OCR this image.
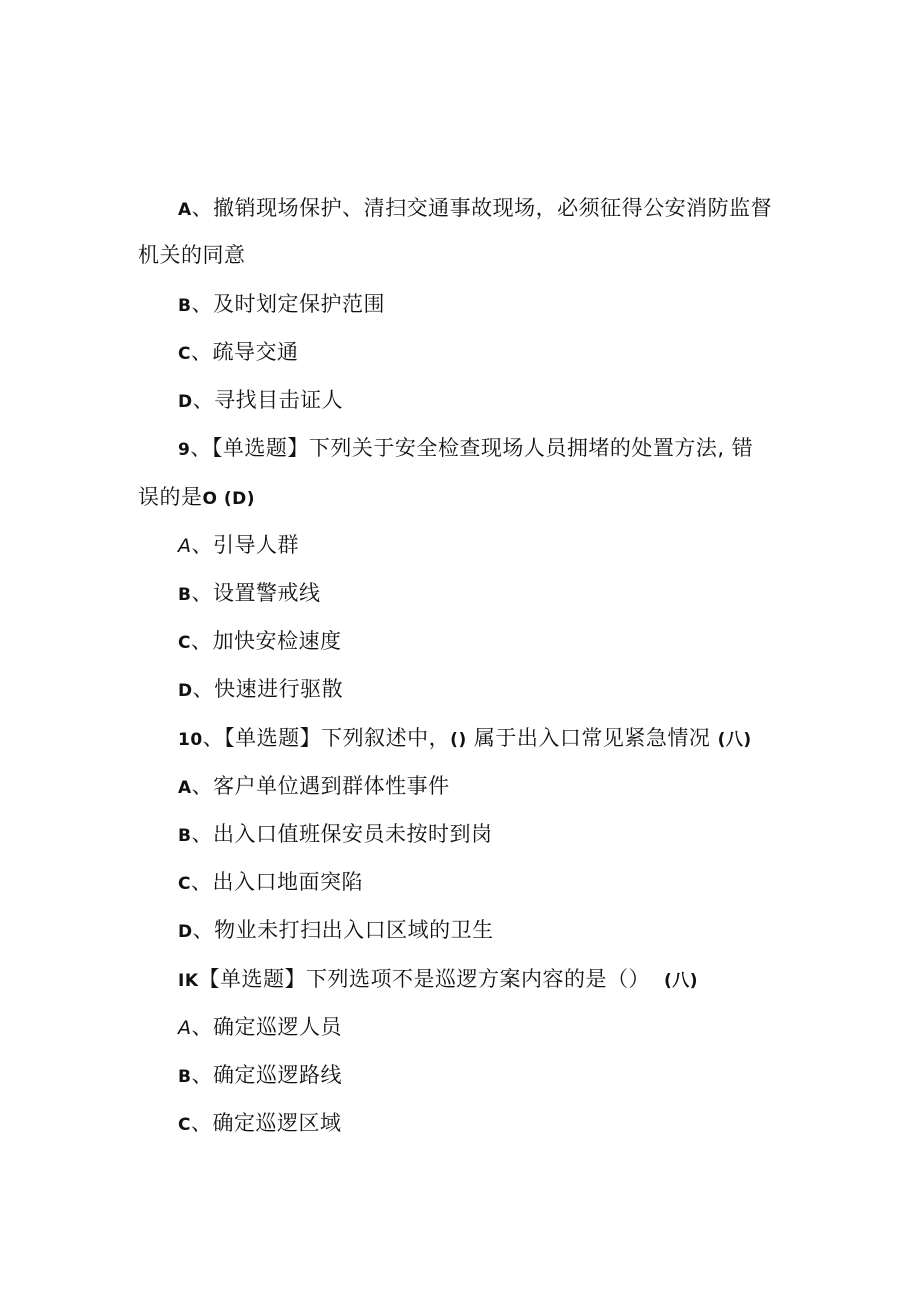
A、撤销现场保护、清扫交通事故现场，必须征得公安消防监督
机关的同意
B、及时划定保护范围
C、疏导交通
D、寻找目击证人
9、【单选题】下列关于安全检查现场人员拥堵的处置方法, 错
误的是O (D)
A、引导人群
B、设置警戒线
C、加快安检速度
D、快速进行驱散
10、【单选题】下列叙述中，() 属于出入口常见紧急情况 (八)
A、客户单位遇到群体性事件
B、出入口值班保安员未按时到岗
C、出入口地面突陷
D、物业未打扫出入口区域的卫生
IK【单选题】下列选项不是巡逻方案内容的是（） (八)
A、确定巡逻人员
B、确定巡逻路线
C、确定巡逻区域
